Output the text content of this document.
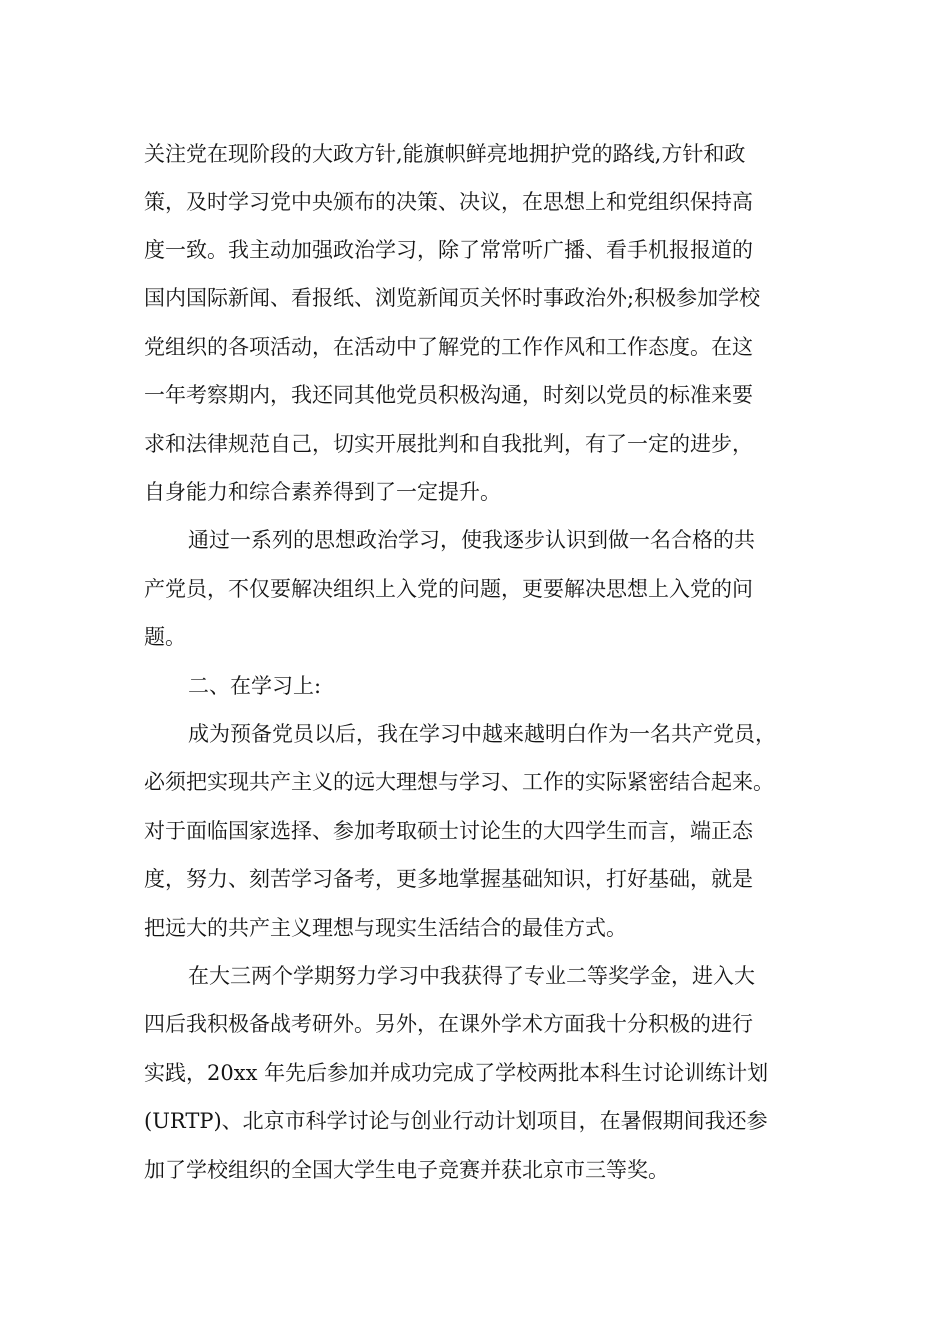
关注党在现阶段的大政方针,能旗帜鲜亮地拥护党的路线,方针和政

策，及时学习党中央颁布的决策、决议，在思想上和党组织保持高

度一致。我主动加强政治学习，除了常常听广播、看手机报报道的

国内国际新闻、看报纸、浏览新闻页关怀时事政治外;积极参加学校

党组织的各项活动，在活动中了解党的工作作风和工作态度。在这

一年考察期内，我还同其他党员积极沟通，时刻以党员的标准来要

求和法律规范自己，切实开展批判和自我批判，有了一定的进步，

自身能力和综合素养得到了一定提升。

通过一系列的思想政治学习，使我逐步认识到做一名合格的共

产党员，不仅要解决组织上入党的问题，更要解决思想上入党的问

题。

二、在学习上:

成为预备党员以后，我在学习中越来越明白作为一名共产党员，

必须把实现共产主义的远大理想与学习、工作的实际紧密结合起来。

对于面临国家选择、参加考取硕士讨论生的大四学生而言，端正态

度，努力、刻苦学习备考，更多地掌握基础知识，打好基础，就是

把远大的共产主义理想与现实生活结合的最佳方式。

在大三两个学期努力学习中我获得了专业二等奖学金，进入大

四后我积极备战考研外。另外，在课外学术方面我十分积极的进行

实践，20xx 年先后参加并成功完成了学校两批本科生讨论训练计划

(URTP)、北京市科学讨论与创业行动计划项目，在暑假期间我还参

加了学校组织的全国大学生电子竞赛并获北京市三等奖。
